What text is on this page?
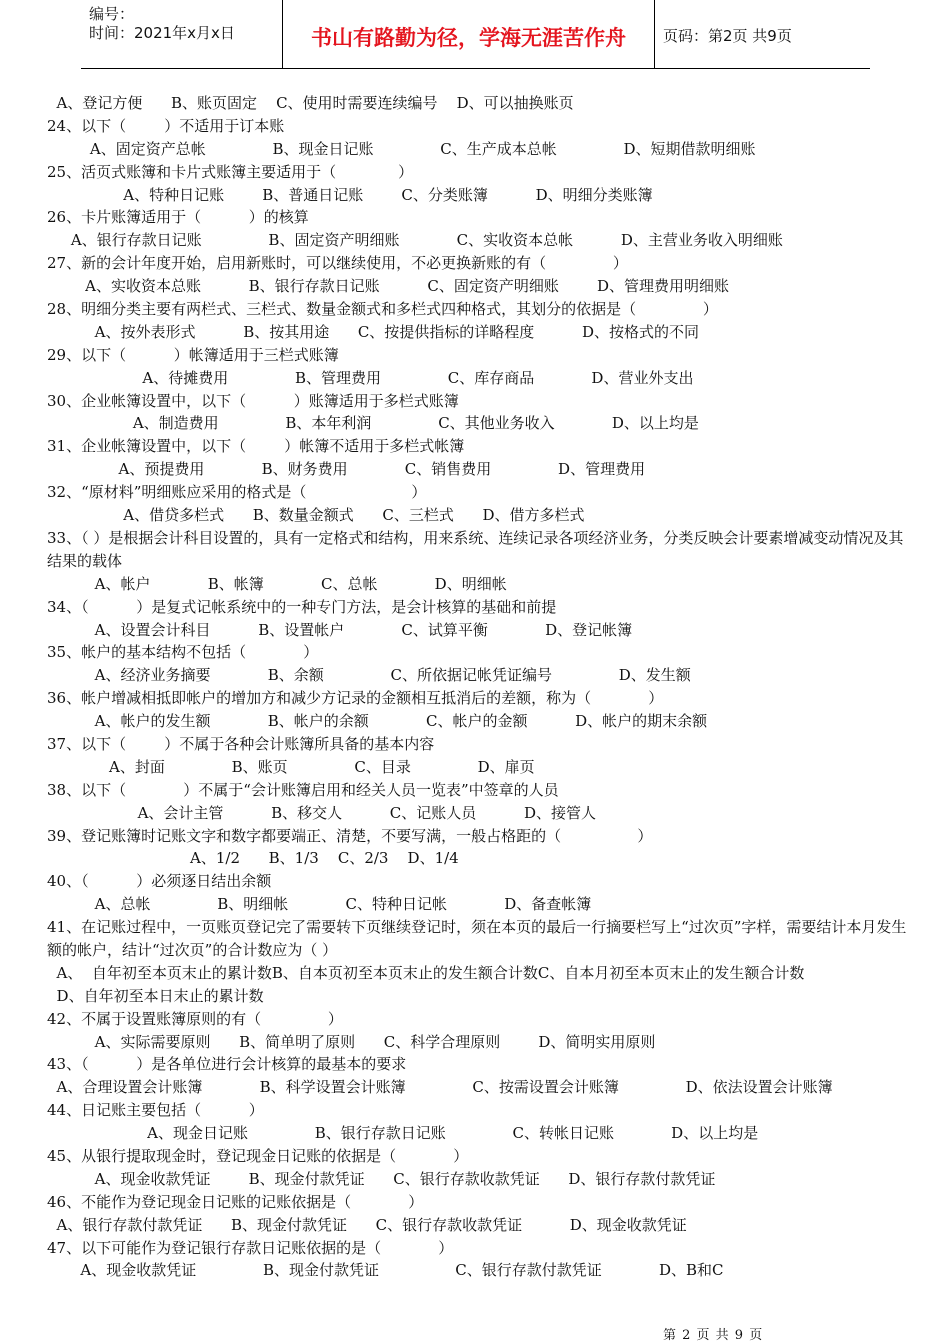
编号：
时间：2021年x月x日	书山有路勤为径，学海无涯苦作舟	页码：第2页 共9页
A、登记方便      B、账页固定    C、使用时需要连续编号    D、可以抽换账页
24、以下（        ）不适用于订本账
A、固定资产总帐              B、现金日记账              C、生产成本总帐              D、短期借款明细账
25、活页式账簿和卡片式账簿主要适用于（             ）
A、特种日记账        B、普通日记账        C、分类账簿          D、明细分类账簿
26、卡片账簿适用于（          ）的核算
A、银行存款日记账              B、固定资产明细账            C、实收资本总帐          D、主营业务收入明细账
27、新的会计年度开始，启用新账时，可以继续使用，不必更换新账的有（              ）
A、实收资本总账          B、银行存款日记账          C、固定资产明细账        D、管理费用明细账
28、明细分类主要有两栏式、三栏式、数量金额式和多栏式四种格式，其划分的依据是（              ）
A、按外表形式          B、按其用途      C、按提供指标的详略程度          D、按格式的不同
29、以下（          ）帐簿适用于三栏式账簿
A、待摊费用              B、管理费用              C、库存商品            D、营业外支出
30、企业帐簿设置中，以下（          ）账簿适用于多栏式账簿
A、制造费用              B、本年利润              C、其他业务收入            D、以上均是
31、企业帐簿设置中，以下（        ）帐簿不适用于多栏式帐簿
A、预提费用            B、财务费用            C、销售费用              D、管理费用
32、“原材料”明细账应采用的格式是（                      ）
A、借贷多栏式      B、数量金额式      C、三栏式      D、借方多栏式
33、（ ）是根据会计科目设置的，具有一定格式和结构，用来系统、连续记录各项经济业务，分类反映会计要素增减变动情况及其结果的载体
A、帐户            B、帐簿            C、总帐            D、明细帐
34、（          ）是复式记帐系统中的一种专门方法，是会计核算的基础和前提
A、设置会计科目          B、设置帐户            C、试算平衡            D、登记帐簿
35、帐户的基本结构不包括（            ）
A、经济业务摘要            B、余额              C、所依据记帐凭证编号              D、发生额
36、帐户增减相抵即帐户的增加方和减少方记录的金额相互抵消后的差额，称为（            ）
A、帐户的发生额            B、帐户的余额            C、帐户的金额          D、帐户的期末余额
37、以下（        ）不属于各种会计账簿所具备的基本内容
A、封面              B、账页              C、目录              D、扉页
38、以下（            ）不属于“会计账簿启用和经关人员一览表”中签章的人员
A、会计主管          B、移交人          C、记账人员          D、接管人
39、登记账簿时记账文字和数字都要端正、清楚，不要写满，一般占格距的（                ）
A、1/2      B、1/3    C、2/3    D、1/4
40、（          ）必须逐日结出余额
A、总帐              B、明细帐            C、特种日记帐            D、备查帐簿
41、在记账过程中，一页账页登记完了需要转下页继续登记时，须在本页的最后一行摘要栏写上“过次页”字样，需要结计本月发生额的帐户，结计“过次页”的合计数应为（ ）
A、  自年初至本页末止的累计数B、自本页初至本页末止的发生额合计数C、自本月初至本页末止的发生额合计数
D、自年初至本日末止的累计数
42、不属于设置账簿原则的有（              ）
A、实际需要原则      B、简单明了原则      C、科学合理原则        D、简明实用原则
43、（          ）是各单位进行会计核算的最基本的要求
A、合理设置会计账簿            B、科学设置会计账簿              C、按需设置会计账簿              D、依法设置会计账簿
44、日记账主要包括（          ）
A、现金日记账              B、银行存款日记账              C、转帐日记账            D、以上均是
45、从银行提取现金时，登记现金日记账的依据是（            ）
A、现金收款凭证        B、现金付款凭证      C、银行存款收款凭证      D、银行存款付款凭证
46、不能作为登记现金日记账的记账依据是（            ）
A、银行存款付款凭证      B、现金付款凭证      C、银行存款收款凭证          D、现金收款凭证
47、以下可能作为登记银行存款日记账依据的是（            ）
A、现金收款凭证              B、现金付款凭证                C、银行存款付款凭证            D、B和C
第 2 页 共 9 页
